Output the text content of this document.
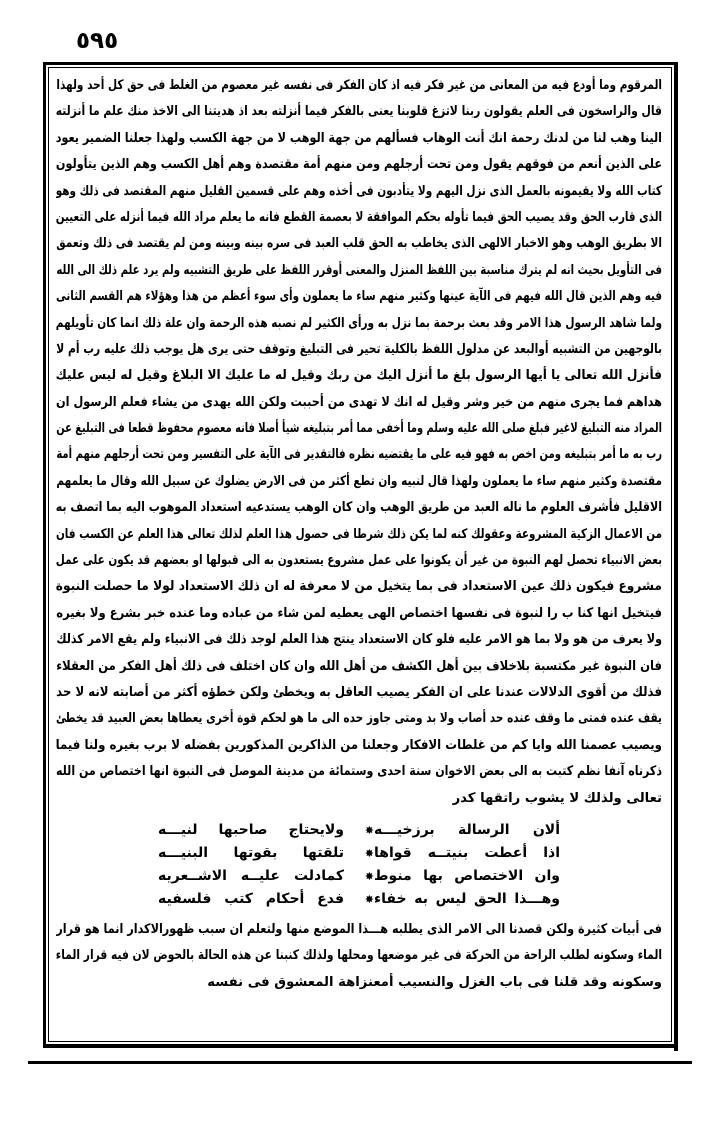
٥٩٥
المرقوم وما أودع فيه من المعانى من غير فكر فيه اذ كان الفكر فى نفسه غير معصوم من الغلط فى حق كل أحد ولهذا
قال والراسخون فى العلم يقولون ربنا لاتزغ قلوبنا يعنى بالفكر فيما أنزلته بعد اذ هديتنا الى الاخذ منك علم ما أنزلته
الينا وهب لنا من لدنك رحمة انك أنت الوهاب فسألهم من جهة الوهب لا من جهة الكسب ولهذا جعلنا الضمير يعود
على الذين أنعم من فوقهم يقول ومن تحت أرجلهم ومن منهم أمة مقتصدة وهم أهل الكسب وهم الذين يتأولون
كتاب الله ولا يقيمونه بالعمل الذى نزل اليهم ولا يتأدبون فى أخذه وهم على قسمين القليل منهم المقتصد فى ذلك وهو
الذى قارب الحق وقد يصيب الحق فيما تأوله بحكم الموافقة لا بعصمة القطع فانه ما يعلم مراد الله فيما أنزله على التعيين
الا بطريق الوهب وهو الاخبار الالهى الذى يخاطب به الحق قلب العبد فى سره بينه وبينه ومن لم يقتصد فى ذلك وتعمق
فى التأويل بحيث انه لم يترك مناسبة بين اللفظ المنزل والمعنى أوقرر اللفظ على طريق التشبيه ولم يرد علم ذلك الى الله
فيه وهم الذين قال الله فيهم فى الآية عينها وكثير منهم ساء ما يعملون وأى سوء أعظم من هذا وهؤلاء هم القسم الثانى
ولما شاهد الرسول هذا الامر وقد بعث برحمة بما نزل به ورأى الكثير لم نصبه هذه الرحمة وان علة ذلك انما كان تأويلهم
بالوجهين من التشبيه أوالبعد عن مدلول اللفظ بالكلية تحير فى التبليغ وتوقف حتى يرى هل يوجب ذلك عليه رب أم لا
فأنزل الله تعالى يا أيها الرسول بلغ ما أنزل اليك من ربك وقيل له ما عليك الا البلاغ وقيل له ليس عليك
هداهم فما يجرى منهم من خير وشر وقيل له انك لا تهدى من أحببت ولكن الله يهدى من يشاء فعلم الرسول ان
المراد منه التبليغ لاغير فبلغ صلى الله عليه وسلم وما أخفى مما أمر بتبليغه شيأ أصلا فانه معصوم محفوظ قطعا فى التبليغ عن
رب به ما أمر بتبليغه ومن اخص به فهو فيه على ما يقتضيه نظره فالتقدير فى الآية على التفسير ومن تحت أرجلهم منهم أمة
مقتصدة وكثير منهم ساء ما يعملون ولهذا قال لنبيه وان تطع أكثر من فى الارض يضلوك عن سبيل الله وقال ما يعلمهم
الاقليل فأشرف العلوم ما ناله العبد من طريق الوهب وان كان الوهب يستدعيه استعداد الموهوب اليه بما اتصف به
من الاعمال الزكية المشروعة وعقولك كنه لما يكن ذلك شرطا فى حصول هذا العلم لذلك تعالى هذا العلم عن الكسب فان
بعض الانبياء تحصل لهم النبوة من غير أن يكونوا على عمل مشروع يستعدون به الى قبولها او بعضهم قد يكون على عمل
مشروع فيكون ذلك عين الاستعداد فى بما يتخيل من لا معرفة له ان ذلك الاستعداد لولا ما حصلت النبوة
فيتخيل انها كنا ب را لنبوة فى نفسها اختصاص الهى يعطيه لمن شاء من عباده وما عنده خبر بشرع ولا بغيره
ولا يعرف من هو ولا بما هو الامر عليه فلو كان الاستعداد ينتج هذا العلم لوجد ذلك فى الانبياء ولم يقع الامر كذلك
فان النبوة غير مكتسبة بلاخلاف بين أهل الكشف من أهل الله وان كان اختلف فى ذلك أهل الفكر من العقلاء
فذلك من أقوى الدلالات عندنا على ان الفكر يصيب العاقل به ويخطئ ولكن خطؤه أكثر من أصابته لانه لا حد
يقف عنده فمتى ما وقف عنده حد أصاب ولا بد ومتى جاوز حده الى ما هو لحكم قوة أخرى يعطاها بعض العبيد قد يخطئ
ويصيب عصمنا الله وايا كم من غلطات الافكار وجعلنا من الذاكرين المذكورين بفضله لا برب بغيره ولنا فيما
ذكرناه آنفا نظم كتبت به الى بعض الاخوان سنة احدى وستمائة من مدينة الموصل فى النبوة انها اختصاص من الله
تعالى ولذلك لا يشوب راتقها كدر
ألان الرسالة برزخيـــه
✸
ولايحتاج صاحبها لنيـــه
اذا أعطت بنيتــه قواها
✸
تلقتها بقوتها البنيـــه
وان الاختصاص بها منوط
✸
كمادلت عليــه الاشــعريه
وهـــذا الحق ليس به خفاء
✸
فدع أحكام كتب فلسفيه
فى أبيات كثيرة ولكن قصدنا الى الامر الذى يطلبه هـــذا الموضع منها ولتعلم ان سبب ظهورالاكدار انما هو قرار
الماء وسكونه لطلب الراحة من الحركة فى غير موضعها ومحلها ولذلك كنبنا عن هذه الحالة بالحوض لان فيه قرار الماء
وسكونه وقد قلنا فى باب الغزل والنسيب أمعنزاهة المعشوق فى نفسه
